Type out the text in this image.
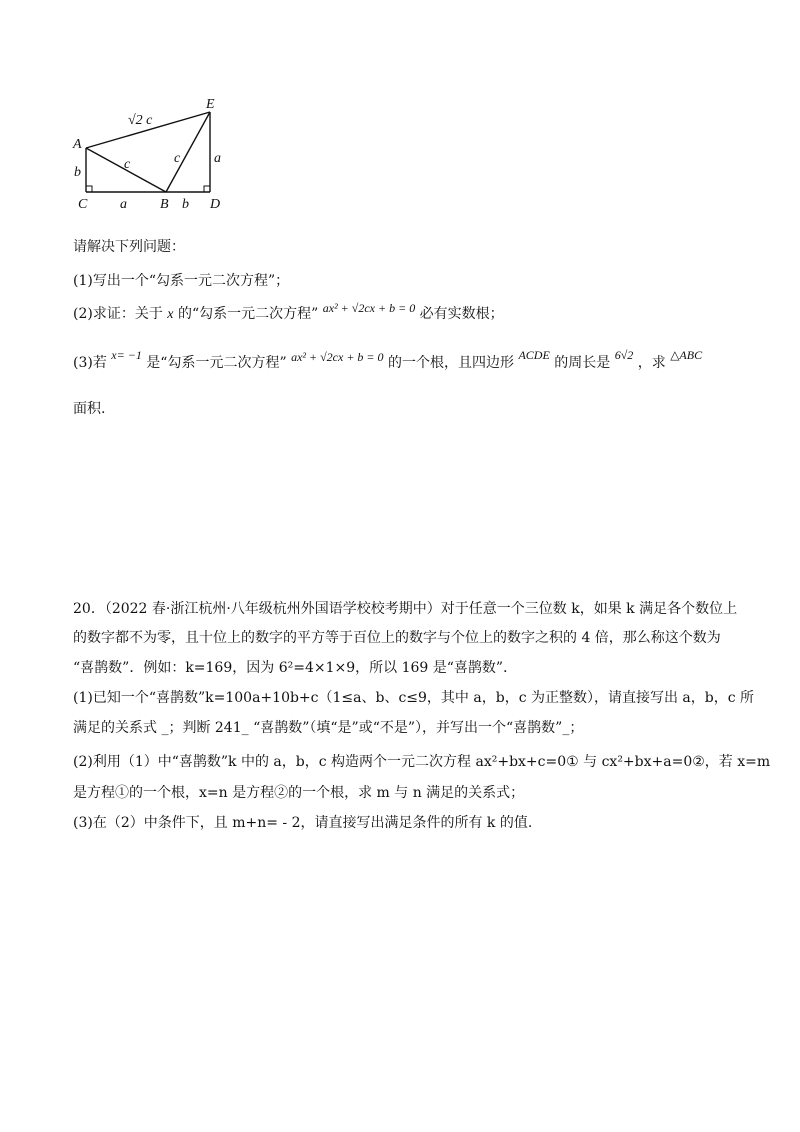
E
A
C	B	D
√2 c
c	c a
b
a	b
请解决下列问题：
(1)写出一个“勾系一元二次方程”；
(2)求证：关于 x 的“勾系一元二次方程” ax² + √2cx + b = 0 必有实数根；
(3)若 x= −1 是“勾系一元二次方程” ax² + √2cx + b = 0 的一个根，且四边形 ACDE 的周长是 6√2 ，求 △ABC
面积.
20．（2022 春·浙江杭州·八年级杭州外国语学校校考期中）对于任意一个三位数 k，如果 k 满足各个数位上
的数字都不为零，且十位上的数字的平方等于百位上的数字与个位上的数字之积的 4 倍，那么称这个数为
“喜鹊数”．例如：k=169，因为 6²=4×1×9，所以 169 是“喜鹊数”．
(1)已知一个“喜鹊数”k=100a+10b+c（1≤a、b、c≤9，其中 a，b，c 为正整数），请直接写出 a，b，c 所
满足的关系式 _；判断 241_ “喜鹊数”（填“是”或“不是”），并写出一个“喜鹊数”_；
(2)利用（1）中“喜鹊数”k 中的 a，b，c 构造两个一元二次方程 ax²+bx+c=0① 与 cx²+bx+a=0②，若 x=m
是方程①的一个根，x=n 是方程②的一个根，求 m 与 n 满足的关系式；
(3)在（2）中条件下，且 m+n= - 2，请直接写出满足条件的所有 k 的值.
